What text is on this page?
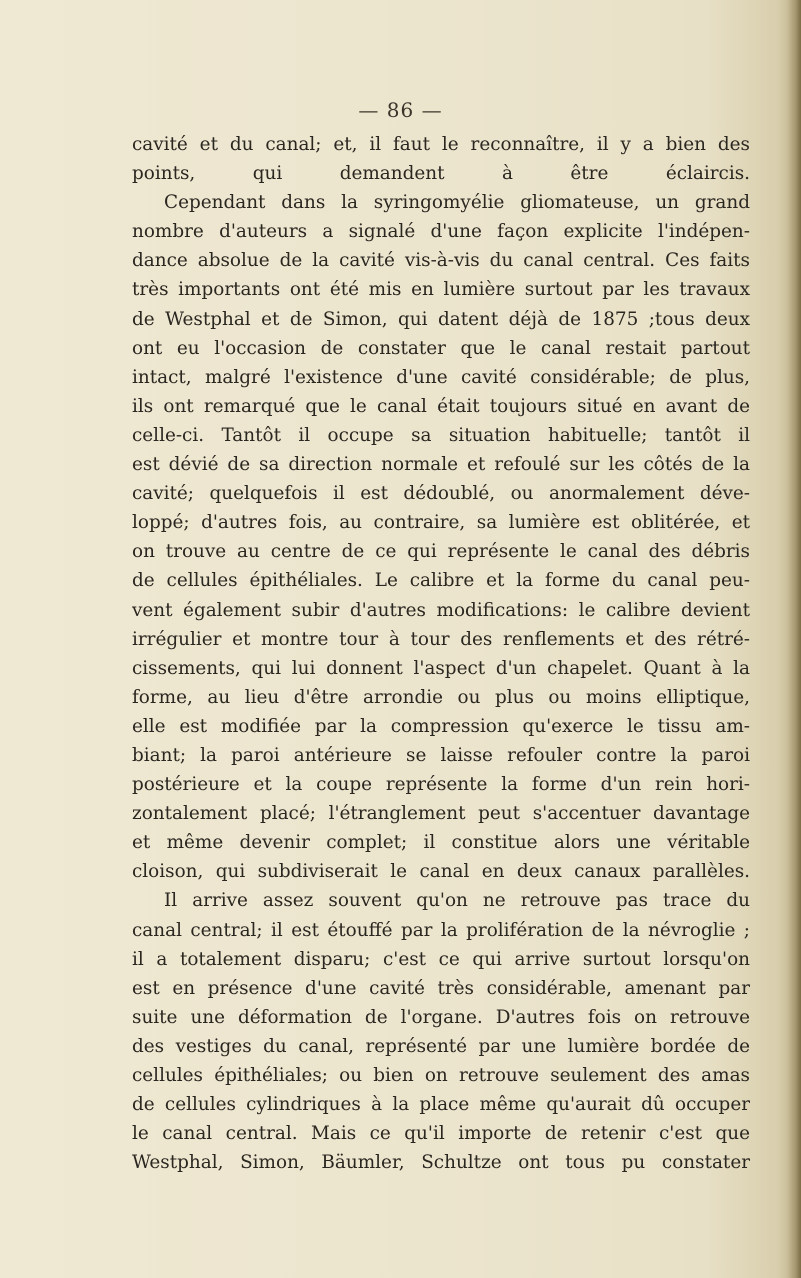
— 86 —
cavité et du canal; et, il faut le reconnaître, il y a bien des
points, qui demandent à être éclaircis.
Cependant dans la syringomyélie gliomateuse, un grand
nombre d'auteurs a signalé d'une façon explicite l'indépen-
dance absolue de la cavité vis-à-vis du canal central. Ces faits
très importants ont été mis en lumière surtout par les travaux
de Westphal et de Simon, qui datent déjà de 1875 ;tous deux
ont eu l'occasion de constater que le canal restait partout
intact, malgré l'existence d'une cavité considérable; de plus,
ils ont remarqué que le canal était toujours situé en avant de
celle-ci. Tantôt il occupe sa situation habituelle; tantôt il
est dévié de sa direction normale et refoulé sur les côtés de la
cavité; quelquefois il est dédoublé, ou anormalement déve-
loppé; d'autres fois, au contraire, sa lumière est oblitérée, et
on trouve au centre de ce qui représente le canal des débris
de cellules épithéliales. Le calibre et la forme du canal peu-
vent également subir d'autres modifications: le calibre devient
irrégulier et montre tour à tour des renflements et des rétré-
cissements, qui lui donnent l'aspect d'un chapelet. Quant à la
forme, au lieu d'être arrondie ou plus ou moins elliptique,
elle est modifiée par la compression qu'exerce le tissu am-
biant; la paroi antérieure se laisse refouler contre la paroi
postérieure et la coupe représente la forme d'un rein hori-
zontalement placé; l'étranglement peut s'accentuer davantage
et même devenir complet; il constitue alors une véritable
cloison, qui subdiviserait le canal en deux canaux parallèles.
Il arrive assez souvent qu'on ne retrouve pas trace du
canal central; il est étouffé par la prolifération de la névroglie ;
il a totalement disparu; c'est ce qui arrive surtout lorsqu'on
est en présence d'une cavité très considérable, amenant par
suite une déformation de l'organe. D'autres fois on retrouve
des vestiges du canal, représenté par une lumière bordée de
cellules épithéliales; ou bien on retrouve seulement des amas
de cellules cylindriques à la place même qu'aurait dû occuper
le canal central. Mais ce qu'il importe de retenir c'est que
Westphal, Simon, Bäumler, Schultze ont tous pu constater
